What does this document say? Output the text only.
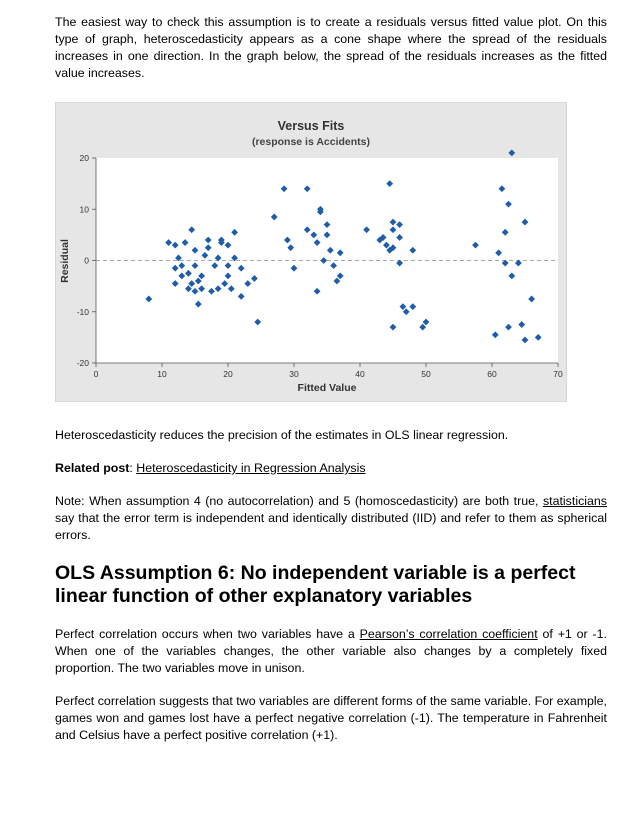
The easiest way to check this assumption is to create a residuals versus fitted value plot. On this type of graph, heteroscedasticity appears as a cone shape where the spread of the residuals increases in one direction. In the graph below, the spread of the residuals increases as the fitted value increases.

Versus Fits
(response is Accidents)
0	10	20	30	40	50	60	70
-20
-10
0
10
20
Fitted Value
Residual

Heteroscedasticity reduces the precision of the estimates in OLS linear regression.

Related post: Heteroscedasticity in Regression Analysis

Note: When assumption 4 (no autocorrelation) and 5 (homoscedasticity) are both true, statisticians say that the error term is independent and identically distributed (IID) and refer to them as spherical errors.

OLS Assumption 6: No independent variable is a perfect linear function of other explanatory variables

Perfect correlation occurs when two variables have a Pearson’s correlation coefficient of +1 or -1. When one of the variables changes, the other variable also changes by a completely fixed proportion. The two variables move in unison.

Perfect correlation suggests that two variables are different forms of the same variable. For example, games won and games lost have a perfect negative correlation (-1). The temperature in Fahrenheit and Celsius have a perfect positive correlation (+1).
